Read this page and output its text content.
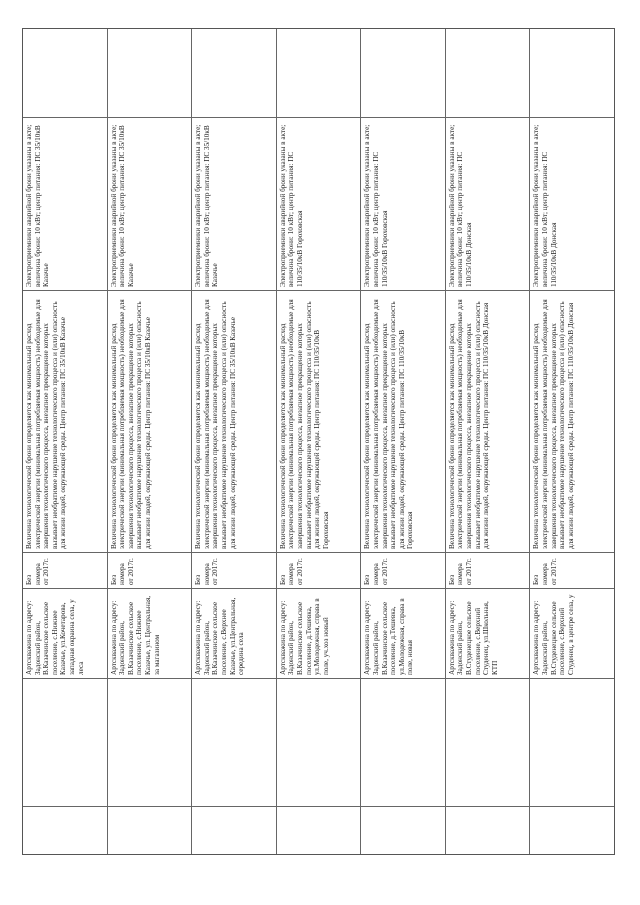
Артскважина по адресу: Задонский район, В.Казачинское сельское поселение, с.Нижнее Казачье, ул.Кочетарова, западная окраина села, у леса
Без номера от 2017г.
Величина технологической брони определяется как минимальный расход электрической энергии (минимальная потребляемая мощность) необходимые для завершения технологического процесса, внезапное прекращение которых вызывает необратимое нарушение технологического процесса и (или) опасность для жизни людей, окружающей среды. Центр питания: ПС 35/10кВ Казачье
Электроприемники аварийной брони указаны в акте; величина брони: 10 кВт; центр питания: ПС 35/10кВ Казачье
Артскважина по адресу: Задонский район, В.Казачинское сельское поселение, с.Нижнее Казачье, ул. Центральная, за магазином
Без номера от 2017г.
Величина технологической брони определяется как минимальный расход электрической энергии (минимальная потребляемая мощность) необходимые для завершения технологического процесса, внезапное прекращение которых вызывает необратимое нарушение технологического процесса и (или) опасность для жизни людей, окружающей среды. Центр питания: ПС 35/10кВ Казачье
Электроприемники аварийной брони указаны в акте; величина брони: 10 кВт; центр питания: ПС 35/10кВ Казачье
Артскважина по адресу: Задонский район, В.Казачинское сельское поселение, с.Верхнее Казачье, ул.Центральная, середина села
Без номера от 2017г.
Величина технологической брони определяется как минимальный расход электрической энергии (минимальная потребляемая мощность) необходимые для завершения технологического процесса, внезапное прекращение которых вызывает необратимое нарушение технологического процесса и (или) опасность для жизни людей, окружающей среды. Центр питания: ПС 35/10кВ Казачье
Электроприемники аварийной брони указаны в акте; величина брони: 10 кВт; центр питания: ПС 35/10кВ Казачье
Артскважина по адресу: Задонский район, В.Казачинское сельское поселение, д.Тешевка, ул.Молодежная, справа в поле, уч.хоз новый
Без номера от 2017г.
Величина технологической брони определяется как минимальный расход электрической энергии (минимальная потребляемая мощность) необходимые для завершения технологического процесса, внезапное прекращение которых вызывает необратимое нарушение технологического процесса и (или) опасность для жизни людей, окружающей среды. Центр питания: ПС 110/35/10кВ Гороховская
Электроприемники аварийной брони указаны в акте; величина брони: 10 кВт; центр питания: ПС 110/35/10кВ Гороховская
Артскважина по адресу: Задонский район, В.Казачинское сельское поселение, д.Тешевка, ул.Молодежная, справа в поле, новая
Без номера от 2017г.
Величина технологической брони определяется как минимальный расход электрической энергии (минимальная потребляемая мощность) необходимые для завершения технологического процесса, внезапное прекращение которых вызывает необратимое нарушение технологического процесса и (или) опасность для жизни людей, окружающей среды. Центр питания: ПС 110/35/10кВ Гороховская
Электроприемники аварийной брони указаны в акте; величина брони: 10 кВт; центр питания: ПС 110/35/10кВ Гороховская
Артскважина по адресу: Задонский район, В.Студенецкое сельское поселение, с.Верхний Студенец, ул.Школьная, КТП
Без номера от 2017г.
Величина технологической брони определяется как минимальный расход электрической энергии (минимальная потребляемая мощность) необходимые для завершения технологического процесса, внезапное прекращение которых вызывает необратимое нарушение технологического процесса и (или) опасность для жизни людей, окружающей среды. Центр питания: ПС 110/35/10кВ Донская
Электроприемники аварийной брони указаны в акте; величина брони: 10 кВт; центр питания: ПС 110/35/10кВ Донская
Артскважина по адресу: Задонский район, В.Студенецкое сельское поселение, с.Верхний Студенец, в центре села, у
Без номера от 2017г.
Величина технологической брони определяется как минимальный расход электрической энергии (минимальная потребляемая мощность) необходимые для завершения технологического процесса, внезапное прекращение которых вызывает необратимое нарушение технологического процесса и (или) опасность для жизни людей, окружающей среды. Центр питания: ПС 110/35/10кВ Донская
Электроприемники аварийной брони указаны в акте; величина брони: 10 кВт; центр питания: ПС 110/35/10кВ Донская
